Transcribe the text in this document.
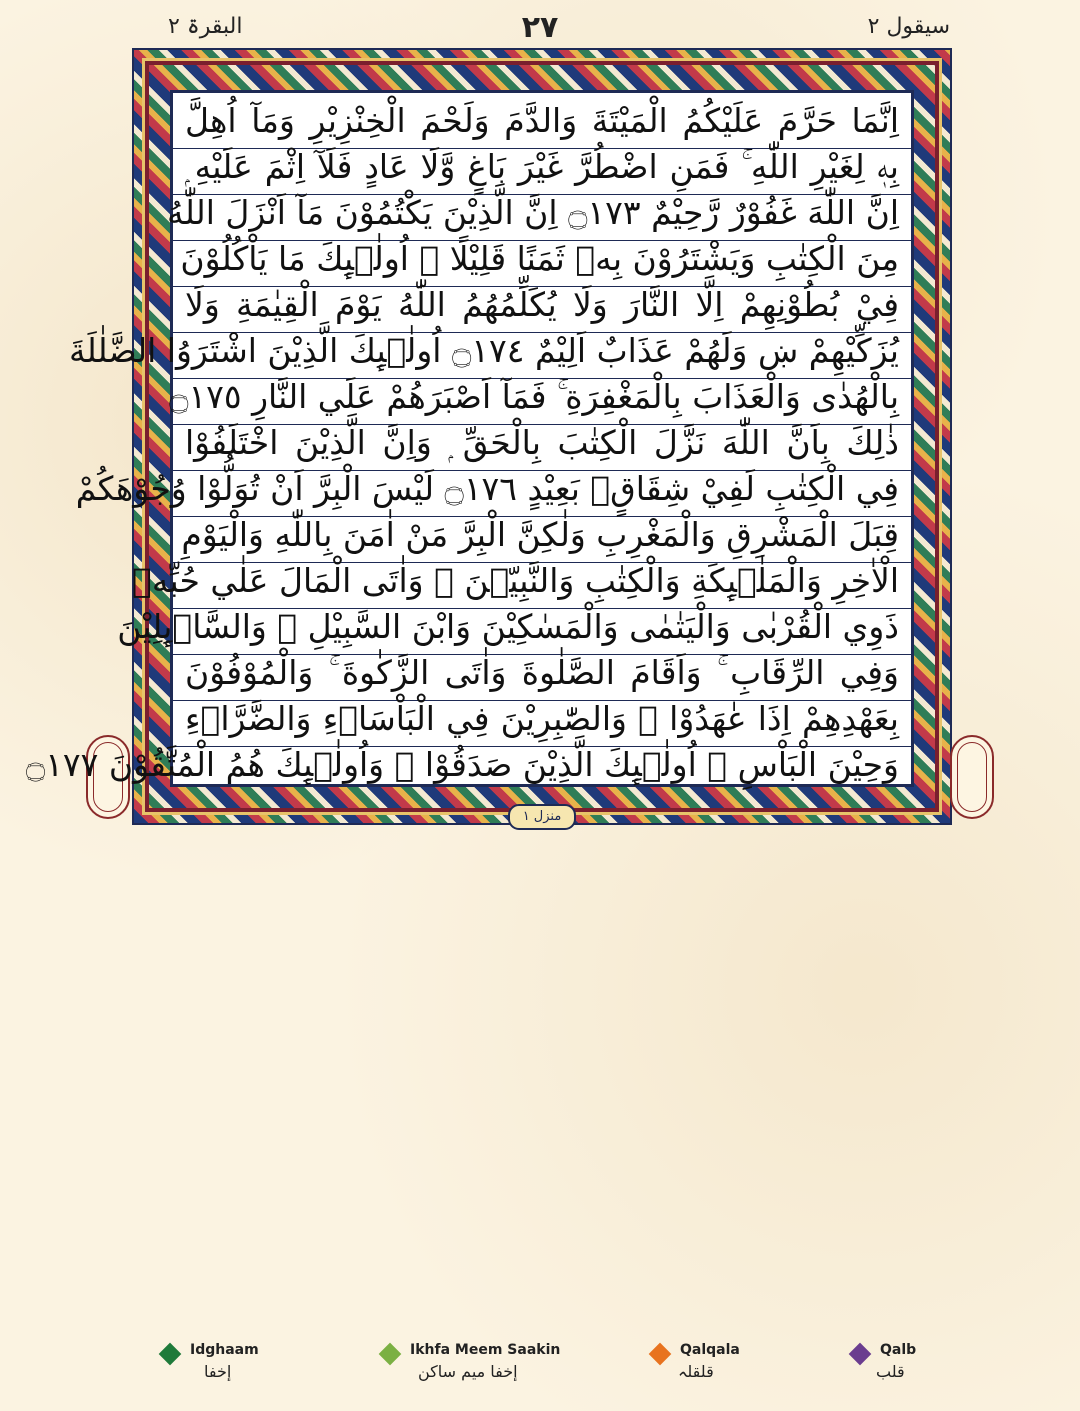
سیقول ۲
۲۷
البقرۃ ۲
اِنَّمَا حَرَّمَ عَلَيْكُمُ الْمَيْتَةَ وَالدَّمَ وَلَحْمَ الْخِنْزِيْرِ وَمَآ اُهِلَّ
بِهٖ لِغَيْرِ اللّٰهِ ۚ فَمَنِ اضْطُرَّ غَيْرَ بَاغٍ وَّلَا عَادٍ فَلَآ اِثْمَ عَلَيْهِ ۭ
اِنَّ اللّٰهَ غَفُوْرٌ رَّحِيْمٌ ۝١٧٣ اِنَّ الَّذِيْنَ يَكْتُمُوْنَ مَآ اَنْزَلَ اللّٰهُ
مِنَ الْكِتٰبِ وَيَشْتَرُوْنَ بِهٖ ثَمَنًا قَلِيْلًا ۙ اُولٰۗىِٕكَ مَا يَاْكُلُوْنَ
فِيْ بُطُوْنِهِمْ اِلَّا النَّارَ وَلَا يُكَلِّمُهُمُ اللّٰهُ يَوْمَ الْقِيٰمَةِ وَلَا
يُزَكِّيْهِمْ ښ وَلَهُمْ عَذَابٌ اَلِيْمٌ ۝١٧٤ اُولٰۗىِٕكَ الَّذِيْنَ اشْتَرَوُا الضَّلٰلَةَ
بِالْهُدٰى وَالْعَذَابَ بِالْمَغْفِرَةِ ۚ فَمَآ اَصْبَرَھُمْ عَلَي النَّارِ ۝١٧٥
ذٰلِكَ بِاَنَّ اللّٰهَ نَزَّلَ الْكِتٰبَ بِالْحَقِّ ۭ وَاِنَّ الَّذِيْنَ اخْتَلَفُوْا
فِي الْكِتٰبِ لَفِيْ شِقَاقٍۢ بَعِيْدٍ ۝١٧٦ لَيْسَ الْبِرَّ اَنْ تُوَلُّوْا وُجُوْهَكُمْ
قِبَلَ الْمَشْرِقِ وَالْمَغْرِبِ وَلٰكِنَّ الْبِرَّ مَنْ اٰمَنَ بِاللّٰهِ وَالْيَوْمِ
الْاٰخِرِ وَالْمَلٰۗىِٕكَةِ وَالْكِتٰبِ وَالنَّبِيّٖنَ ۚ وَاٰتَى الْمَالَ عَلٰي حُبِّهٖ
ذَوِي الْقُرْبٰى وَالْيَتٰمٰى وَالْمَسٰكِيْنَ وَابْنَ السَّبِيْلِ ۙ وَالسَّاۗىِٕلِيْنَ
وَفِي الرِّقَابِ ۚ وَاَقَامَ الصَّلٰوةَ وَاٰتَى الزَّكٰوةَ ۚ وَالْمُوْفُوْنَ
بِعَهْدِهِمْ اِذَا عٰھَدُوْا ۚ وَالصّٰبِرِيْنَ فِي الْبَاْسَاۗءِ وَالضَّرَّاۗءِ
وَحِيْنَ الْبَاْسِ ۭ اُولٰۗىِٕكَ الَّذِيْنَ صَدَقُوْا ۭ وَاُولٰۗىِٕكَ ھُمُ الْمُتَّقُوْنَ ۝١٧٧
منزل ١
Idghaam
إخفا
Ikhfa Meem Saakin
إخفا میم ساکن
Qalqala
قلقلہ
Qalb
قلب
